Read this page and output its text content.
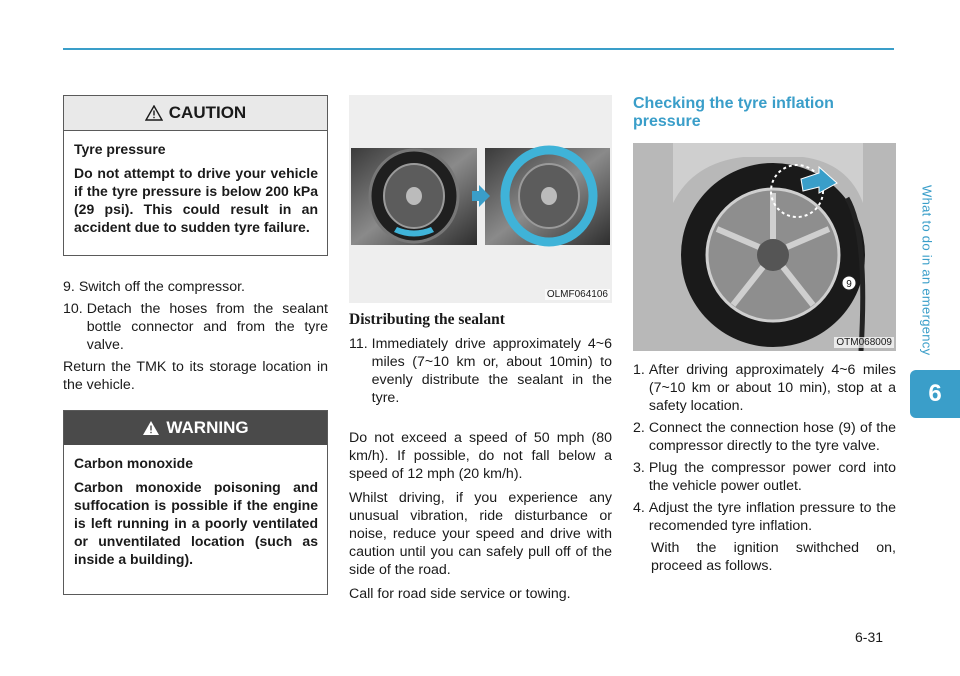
What to do in an emergency
6
6-31
CAUTION
Tyre pressure
Do not attempt to drive your vehicle if the tyre pressure is below 200 kPa (29 psi). This could result in an accident due to sudden tyre failure.
9. Switch off the compressor.
10. Detach the hoses from the sealant bottle connector and from the tyre valve.

Return the TMK to its storage location in the vehicle.

WARNING
Carbon monoxide
Carbon monoxide poisoning and suffocation is possible if the engine is left running in a poorly ventilated or unventilated location (such as inside a building).
OLMF064106
Distributing the sealant
11. Immediately drive approximately 4~6 miles (7~10 km or, about 10min) to evenly distribute the sealant in the tyre.

Do not exceed a speed of 50 mph (80 km/h). If possible, do not fall below a speed of 12 mph (20 km/h).

Whilst driving, if you experience any unusual vibration, ride disturbance or noise, reduce your speed and drive with caution until you can safely pull off of the side of the road.

Call for road side service or towing.

Checking the tyre inflation pressure
9
OTM068009
1. After driving approximately 4~6 miles (7~10 km or about 10 min), stop at a safety location.
2. Connect the connection hose (9) of the compressor directly to the tyre valve.
3. Plug the compressor power cord into the vehicle power outlet.
4. Adjust the tyre inflation pressure to the recomended tyre inflation.

With the ignition swithched on, proceed as follows.
